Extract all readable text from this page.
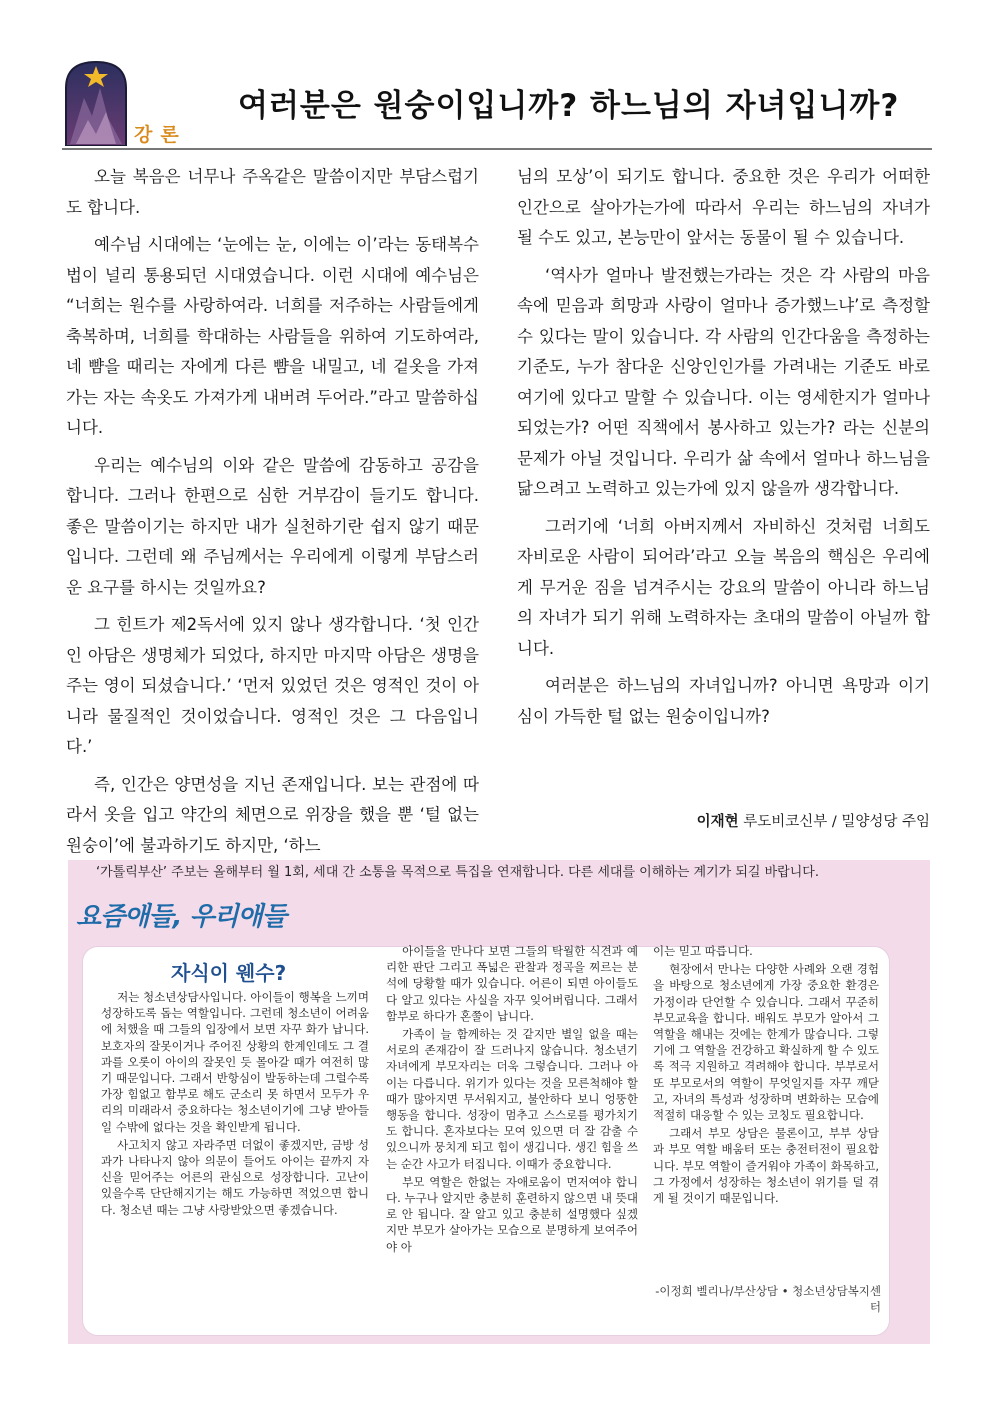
강론
여러분은 원숭이입니까? 하느님의 자녀입니까?

오늘 복음은 너무나 주옥같은 말씀이지만 부담스럽기도 합니다.

예수님 시대에는 ‘눈에는 눈, 이에는 이’라는 동태복수법이 널리 통용되던 시대였습니다. 이런 시대에 예수님은 “너희는 원수를 사랑하여라. 너희를 저주하는 사람들에게 축복하며, 너희를 학대하는 사람들을 위하여 기도하여라, 네 뺨을 때리는 자에게 다른 뺨을 내밀고, 네 겉옷을 가져가는 자는 속옷도 가져가게 내버려 두어라.”라고 말씀하십니다.

우리는 예수님의 이와 같은 말씀에 감동하고 공감을 합니다. 그러나 한편으로 심한 거부감이 들기도 합니다. 좋은 말씀이기는 하지만 내가 실천하기란 쉽지 않기 때문입니다. 그런데 왜 주님께서는 우리에게 이렇게 부담스러운 요구를 하시는 것일까요?

그 힌트가 제2독서에 있지 않나 생각합니다. ‘첫 인간인 아담은 생명체가 되었다, 하지만 마지막 아담은 생명을 주는 영이 되셨습니다.’ ‘먼저 있었던 것은 영적인 것이 아니라 물질적인 것이었습니다. 영적인 것은 그 다음입니다.’

즉, 인간은 양면성을 지닌 존재입니다. 보는 관점에 따라서 옷을 입고 약간의 체면으로 위장을 했을 뿐 ‘털 없는 원숭이’에 불과하기도 하지만, ‘하느

님의 모상’이 되기도 합니다. 중요한 것은 우리가 어떠한 인간으로 살아가는가에 따라서 우리는 하느님의 자녀가 될 수도 있고, 본능만이 앞서는 동물이 될 수 있습니다.

‘역사가 얼마나 발전했는가라는 것은 각 사람의 마음속에 믿음과 희망과 사랑이 얼마나 증가했느냐’로 측정할 수 있다는 말이 있습니다. 각 사람의 인간다움을 측정하는 기준도, 누가 참다운 신앙인인가를 가려내는 기준도 바로 여기에 있다고 말할 수 있습니다. 이는 영세한지가 얼마나 되었는가? 어떤 직책에서 봉사하고 있는가? 라는 신분의 문제가 아닐 것입니다. 우리가 삶 속에서 얼마나 하느님을 닮으려고 노력하고 있는가에 있지 않을까 생각합니다.

그러기에 ‘너희 아버지께서 자비하신 것처럼 너희도 자비로운 사람이 되어라’라고 오늘 복음의 핵심은 우리에게 무거운 짐을 넘겨주시는 강요의 말씀이 아니라 하느님의 자녀가 되기 위해 노력하자는 초대의 말씀이 아닐까 합니다.

여러분은 하느님의 자녀입니까? 아니면 욕망과 이기심이 가득한 털 없는 원숭이입니까?

이재현 루도비코신부 / 밀양성당 주임
‘가톨릭부산’ 주보는 올해부터 월 1회, 세대 간 소통을 목적으로 특집을 연재합니다. 다른 세대를 이해하는 계기가 되길 바랍니다.
요즘애들, 우리애들
자식이 웬수?

저는 청소년상담사입니다. 아이들이 행복을 느끼며 성장하도록 돕는 역할입니다. 그런데 청소년이 어려움에 처했을 때 그들의 입장에서 보면 자꾸 화가 납니다. 보호자의 잘못이거나 주어진 상황의 한계인데도 그 결과를 오롯이 아이의 잘못인 듯 몰아갈 때가 여전히 많기 때문입니다. 그래서 반항심이 발동하는데 그럴수록 가장 힘없고 함부로 해도 군소리 못 하면서 모두가 우리의 미래라서 중요하다는 청소년이기에 그냥 받아들일 수밖에 없다는 것을 확인받게 됩니다.

사고치지 않고 자라주면 더없이 좋겠지만, 금방 성과가 나타나지 않아 의문이 들어도 아이는 끝까지 자신을 믿어주는 어른의 관심으로 성장합니다. 고난이 있을수록 단단해지기는 해도 가능하면 적었으면 합니다. 청소년 때는 그냥 사랑받았으면 좋겠습니다.

아이들을 만나다 보면 그들의 탁월한 식견과 예리한 판단 그리고 폭넓은 관찰과 정곡을 찌르는 분석에 당황할 때가 있습니다. 어른이 되면 아이들도 다 알고 있다는 사실을 자꾸 잊어버립니다. 그래서 함부로 하다가 혼쭐이 납니다.

가족이 늘 함께하는 것 같지만 별일 없을 때는 서로의 존재감이 잘 드러나지 않습니다. 청소년기 자녀에게 부모자리는 더욱 그렇습니다. 그러나 아이는 다릅니다. 위기가 있다는 것을 모른척해야 할 때가 많아지면 무서워지고, 불안하다 보니 엉뚱한 행동을 합니다. 성장이 멈추고 스스로를 평가치기도 합니다. 혼자보다는 모여 있으면 더 잘 감출 수 있으니까 뭉치게 되고 힘이 생깁니다. 생긴 힘을 쓰는 순간 사고가 터집니다. 이때가 중요합니다.

부모 역할은 한없는 자애로움이 먼저여야 합니다. 누구나 알지만 충분히 훈련하지 않으면 내 뜻대로 안 됩니다. 잘 알고 있고 충분히 설명했다 싶겠지만 부모가 살아가는 모습으로 분명하게 보여주어야 아

이는 믿고 따릅니다.

현장에서 만나는 다양한 사례와 오랜 경험을 바탕으로 청소년에게 가장 중요한 환경은 가정이라 단언할 수 있습니다. 그래서 꾸준히 부모교육을 합니다. 배워도 부모가 알아서 그 역할을 해내는 것에는 한계가 많습니다. 그렇기에 그 역할을 건강하고 확실하게 할 수 있도록 적극 지원하고 격려해야 합니다. 부부로서 또 부모로서의 역할이 무엇일지를 자꾸 깨닫고, 자녀의 특성과 성장하며 변화하는 모습에 적절히 대응할 수 있는 코칭도 필요합니다.

그래서 부모 상담은 물론이고, 부부 상담과 부모 역할 배움터 또는 충전터전이 필요합니다. 부모 역할이 즐거워야 가족이 화목하고, 그 가정에서 성장하는 청소년이 위기를 덜 겪게 될 것이기 때문입니다.

-이정희 벨리나/부산상담 • 청소년상담복지센터
